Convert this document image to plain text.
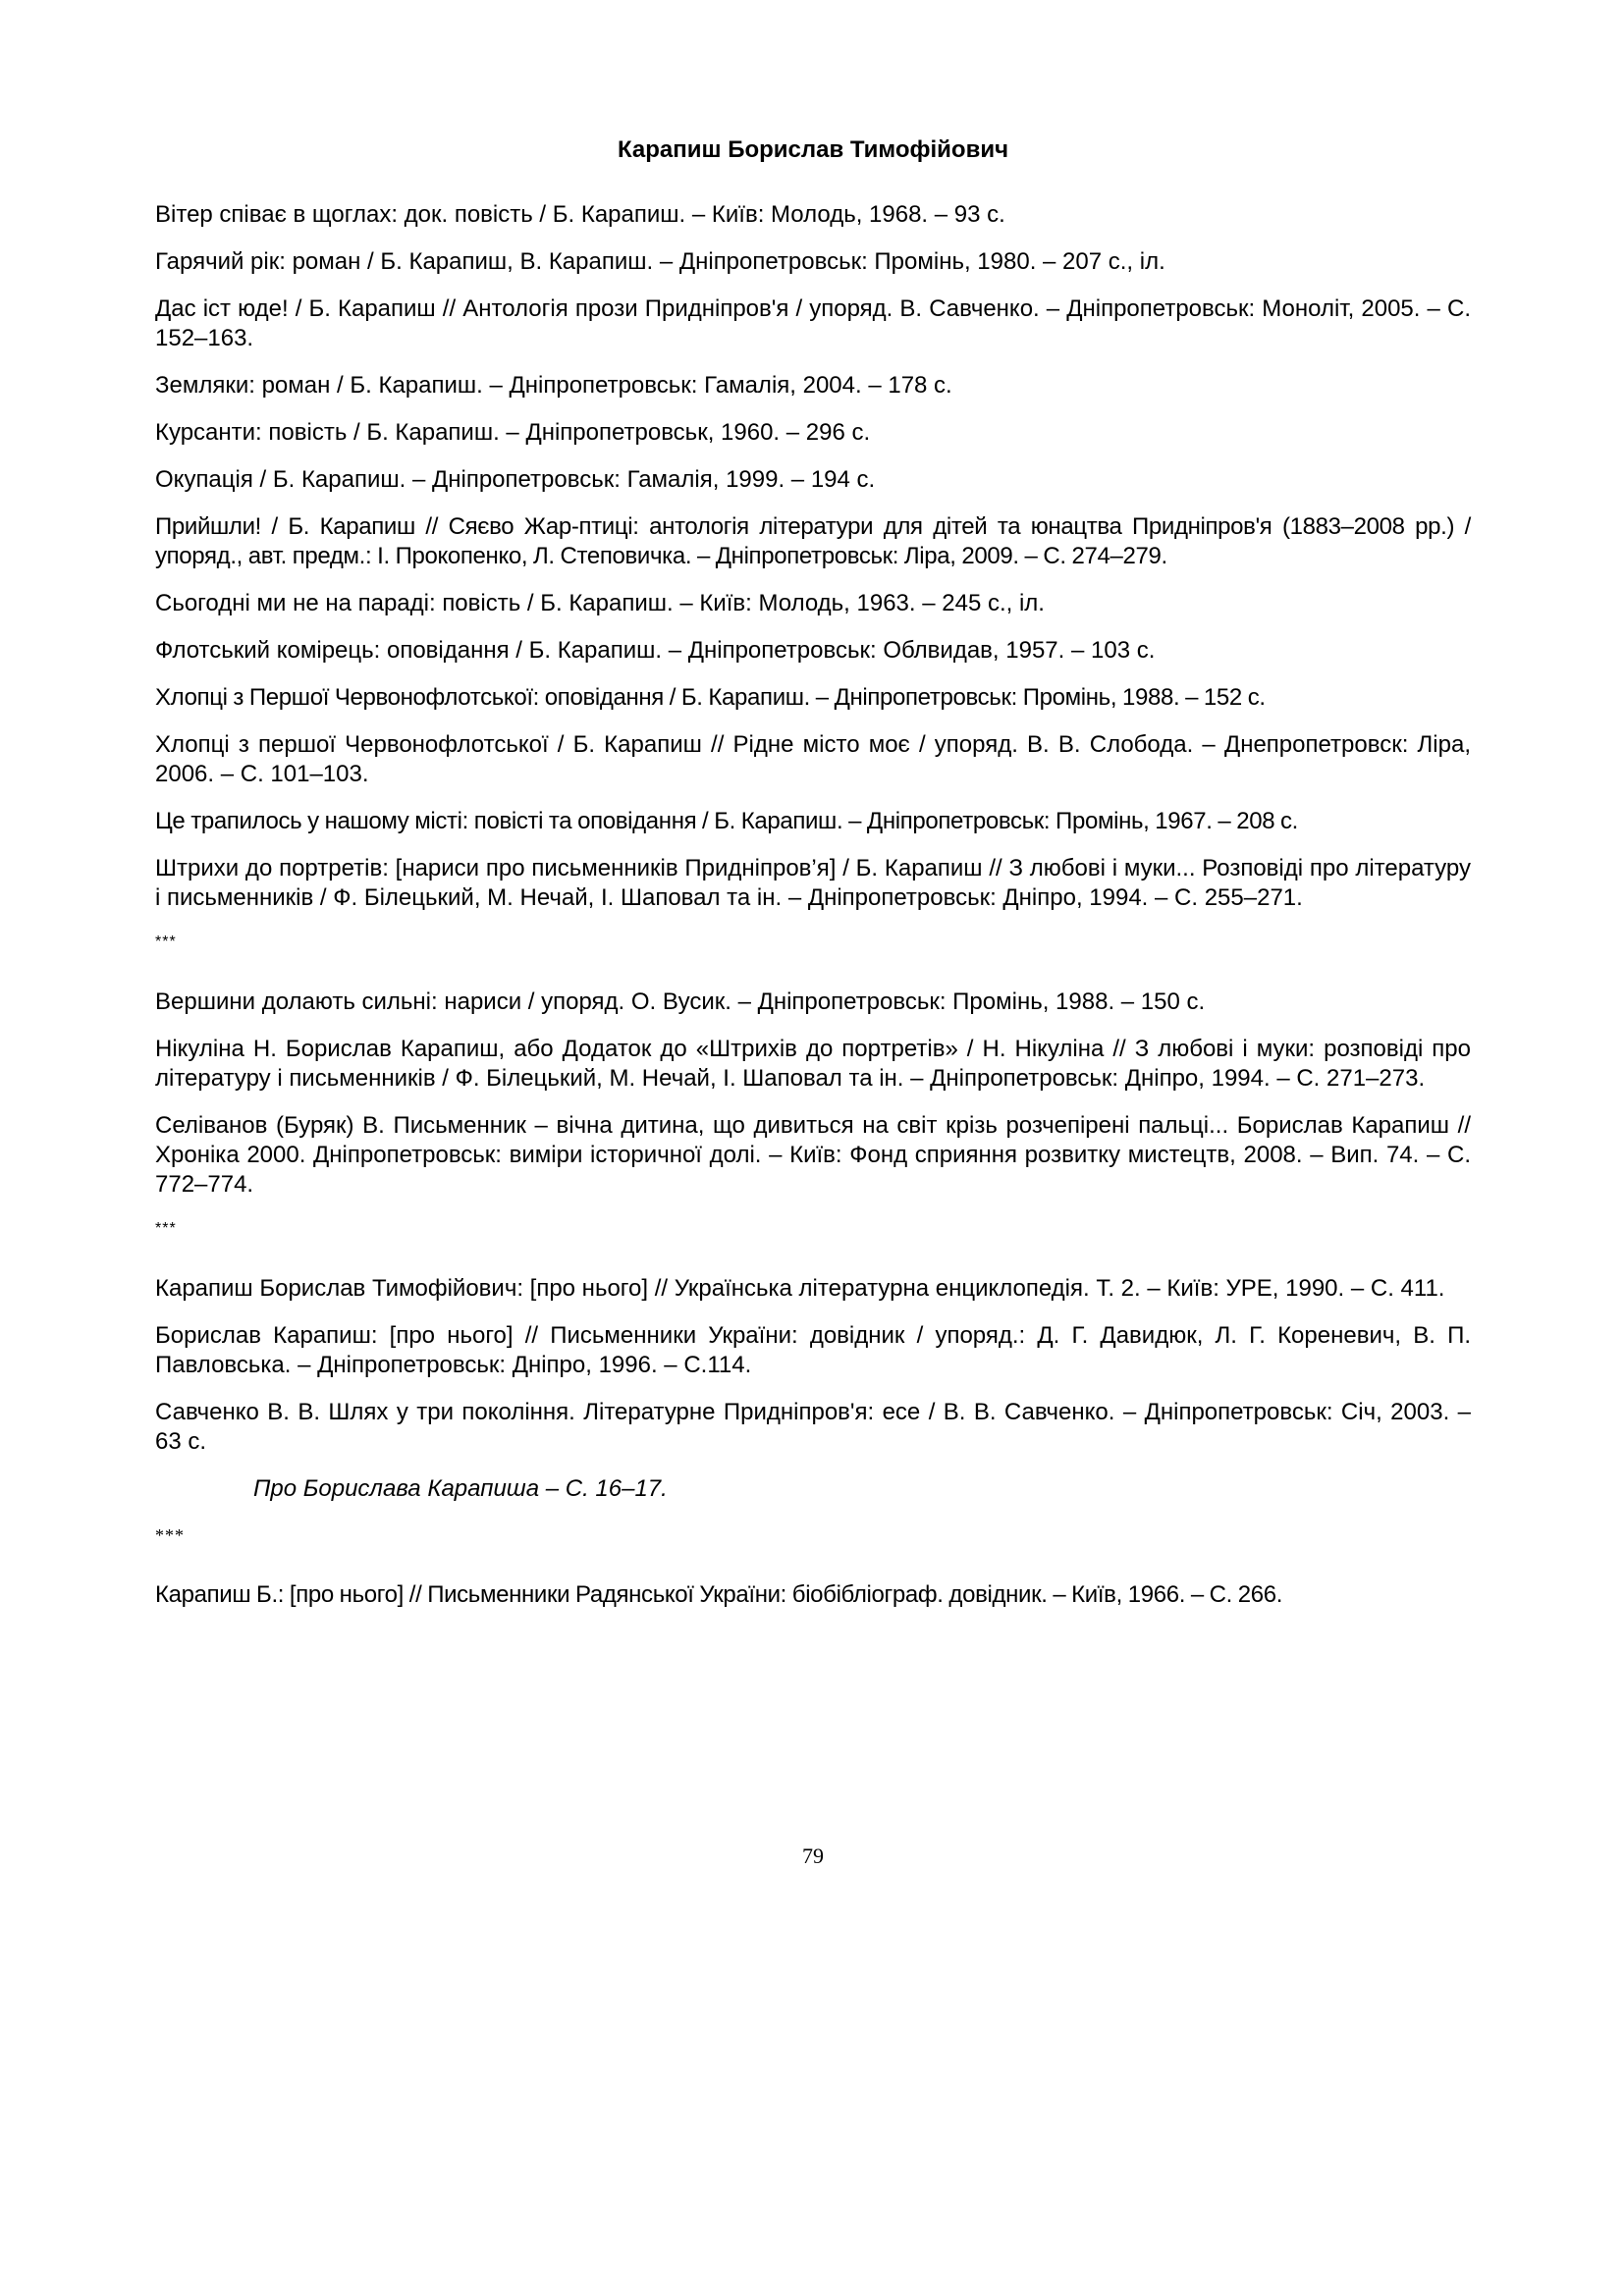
Карапиш Борислав Тимофійович

Вітер співає в щоглах: док. повість / Б. Карапиш. – Київ: Молодь, 1968. – 93 с.

Гарячий рік: роман / Б. Карапиш, В. Карапиш. – Дніпропетровськ: Промінь, 1980. – 207 с., іл.

Дас іст юде! / Б. Карапиш // Антологія прози Придніпров'я / упоряд. В. Савченко. – Дніпропетровськ: Моноліт, 2005. – С. 152–163.

Земляки: роман / Б. Карапиш. – Дніпропетровськ: Гамалія, 2004. – 178 с.

Курсанти: повість / Б. Карапиш. – Дніпропетровськ, 1960. – 296 с.

Окупація / Б. Карапиш. – Дніпропетровськ: Гамалія, 1999. – 194 с.

Прийшли! / Б. Карапиш // Сяєво Жар-птиці: антологія літератури для дітей та юнацтва Придніпров'я (1883–2008 рр.) / упоряд., авт. предм.: І. Прокопенко, Л. Степовичка. – Дніпропетровськ: Ліра, 2009. – С. 274–279.

Сьогодні ми не на параді: повість / Б. Карапиш. – Київ: Молодь, 1963. – 245 с., іл.

Флотський комірець: оповідання / Б. Карапиш. – Дніпропетровськ: Облвидав, 1957. – 103 с.

Хлопці з Першої Червонофлотської: оповідання / Б. Карапиш. – Дніпропетровськ: Промінь, 1988. – 152 с.

Хлопці з першої Червонофлотської / Б. Карапиш // Рідне місто моє / упоряд. В. В. Слобода. – Днепропетровск: Ліра, 2006. – С. 101–103.

Це трапилось у нашому місті: повісті та оповідання / Б. Карапиш. – Дніпропетровськ: Промінь, 1967. – 208 с.

Штрихи до портретів: [нариси про письменників Придніпров’я] / Б. Карапиш // З любові і муки... Розповіді про літературу і письменників / Ф. Білецький, М. Нечай, І. Шаповал та ін. – Дніпропетровськ: Дніпро, 1994. – С. 255–271.

***

Вершини долають сильні: нариси / упоряд. О. Вусик. – Дніпропетровськ: Промінь, 1988. – 150 с.

Нікуліна Н. Борислав Карапиш, або Додаток до «Штрихів до портретів» / Н. Нікуліна // З любові і муки: розповіді про літературу і письменників / Ф. Білецький, М. Нечай, І. Шаповал та ін. – Дніпропетровськ: Дніпро, 1994. – С. 271–273.

Селіванов (Буряк) В. Письменник – вічна дитина, що дивиться на світ крізь розчепірені пальці... Борислав Карапиш // Хроніка 2000. Дніпропетровськ: виміри історичної долі. – Київ: Фонд сприяння розвитку мистецтв, 2008. – Вип. 74. – С. 772–774.

***

Карапиш Борислав Тимофійович: [про нього] // Українська літературна енциклопедія. Т. 2. – Київ: УРЕ, 1990. – С. 411.

Борислав Карапиш: [про нього] // Письменники України: довідник / упоряд.: Д. Г. Давидюк, Л. Г. Кореневич, В. П. Павловська. – Дніпропетровськ: Дніпро, 1996. – С.114.

Савченко В. В. Шлях у три покоління. Літературне Придніпров'я: есе / В. В. Савченко. – Дніпропетровськ: Січ, 2003. – 63 с.

Про Борислава Карапиша – С. 16–17.

***

Карапиш Б.: [про нього] // Письменники Радянської України: біобібліограф. довідник. – Київ, 1966. – С. 266.

79
